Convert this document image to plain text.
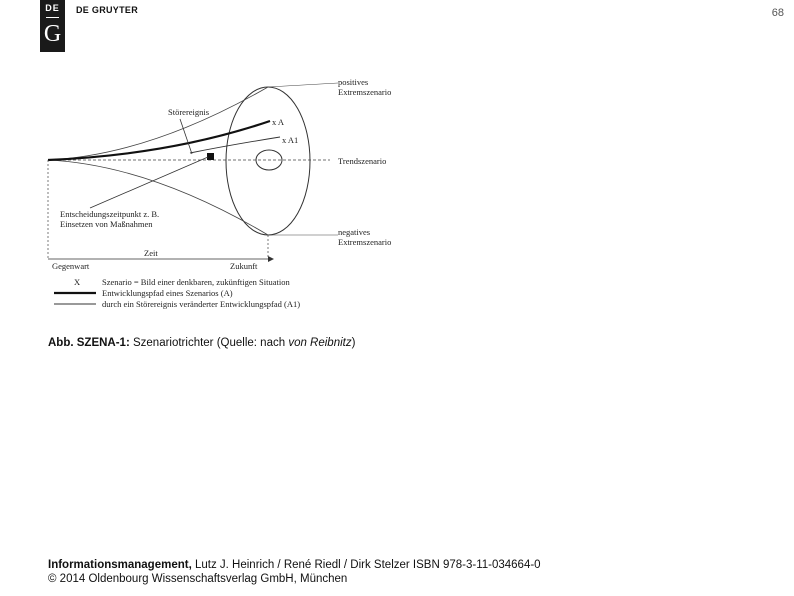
DE
G
DE GRUYTER	68
positives
Extremszenario
Störereignis
x A
x A1
Trendszenario
Entscheidungszeitpunkt z. B.
Einsetzen von Maßnahmen
negatives
Extremszenario
Zeit
Gegenwart	Zukunft
X	Szenario = Bild einer denkbaren, zukünftigen Situation
Entwicklungspfad eines Szenarios (A)
durch ein Störereignis veränderter Entwicklungspfad (A1)
Abb. SZENA-1: Szenariotrichter (Quelle: nach von Reibnitz)
Informationsmanagement, Lutz J. Heinrich / René Riedl / Dirk Stelzer ISBN 978-3-11-034664-0
© 2014 Oldenbourg Wissenschaftsverlag GmbH, München
